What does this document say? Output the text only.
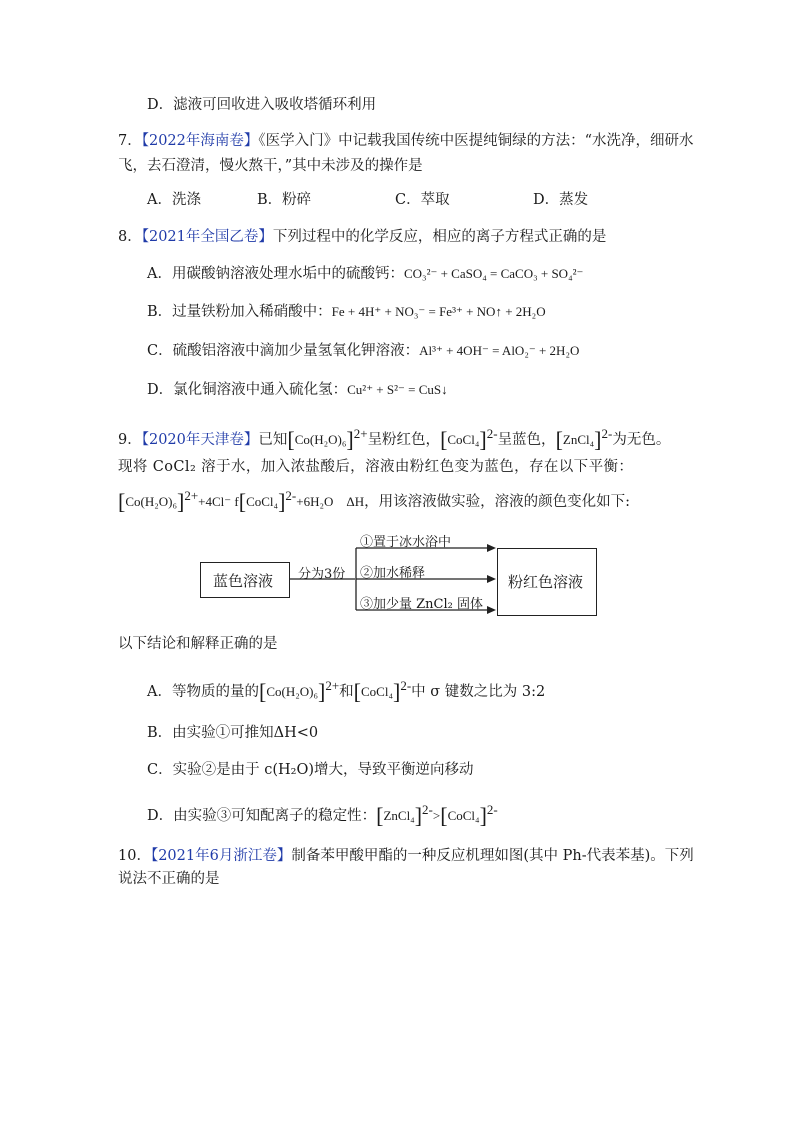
D．滤液可回收进入吸收塔循环利用
7．【2022年海南卷】《医学入门》中记载我国传统中医提纯铜绿的方法：“水洗净，细研水
飞，去石澄清，慢火熬干，”其中未涉及的操作是
A．洗涤	B．粉碎	C．萃取	D．蒸发
8．【2021年全国乙卷】下列过程中的化学反应，相应的离子方程式正确的是
A．用碳酸钠溶液处理水垢中的硫酸钙：CO₃²⁻ + CaSO₄ = CaCO₃ + SO₄²⁻
B．过量铁粉加入稀硝酸中：Fe + 4H⁺ + NO₃⁻ = Fe³⁺ + NO↑ + 2H₂O
C．硫酸铝溶液中滴加少量氢氧化钾溶液：Al³⁺ + 4OH⁻ = AlO₂⁻ + 2H₂O
D．氯化铜溶液中通入硫化氢：Cu²⁺ + S²⁻ = CuS↓
9．【2020年天津卷】已知$[Co(H_2O)_6]^{2+}$呈粉红色，[CoCl₄]$^{2-}$呈蓝色，[ZnCl₄]$^{2-}$为无色。
现将 CoCl₂ 溶于水，加入浓盐酸后，溶液由粉红色变为蓝色，存在以下平衡：
$[Co(H_2O)_6]^{2+}+4Cl^-$ f[CoCl₄]$^{2-}$+6H₂O　ΔH，用该溶液做实验，溶液的颜色变化如下:
蓝色溶液 分为3份
①置于冰水浴中
②加水稀释
③加少量 ZnCl₂ 固体
粉红色溶液
以下结论和解释正确的是
A．等物质的量的$[Co(H_2O)_6]^{2+}$和[CoCl₄]$^{2-}$中 σ 键数之比为 3:2
B．由实验①可推知ΔH<0
C．实验②是由于 c(H₂O)增大，导致平衡逆向移动
D．由实验③可知配离子的稳定性：[ZnCl₄]$^{2-}$>[CoCl₄]$^{2-}$
10．【2021年6月浙江卷】制备苯甲酸甲酯的一种反应机理如图(其中 Ph-代表苯基)。下列
说法不正确的是
